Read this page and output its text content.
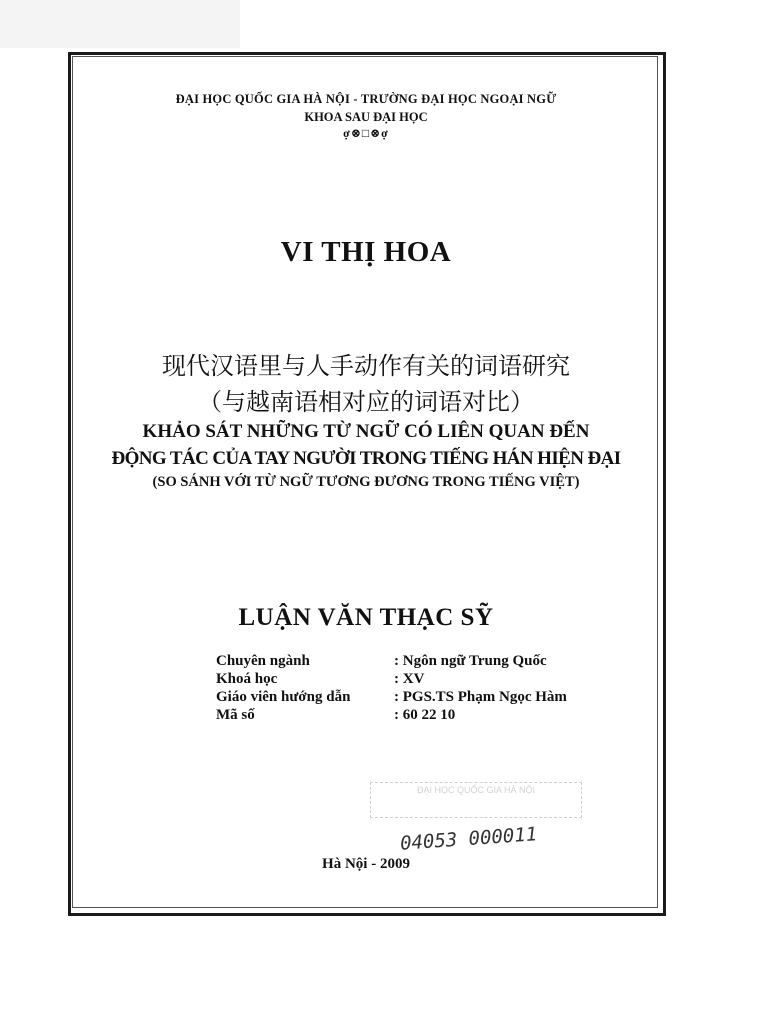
ĐẠI HỌC QUỐC GIA HÀ NỘI - TRƯỜNG ĐẠI HỌC NGOẠI NGỮ
KHOA SAU ĐẠI HỌC
ợ⊗□⊗ợ
VI THỊ HOA
现代汉语里与人手动作有关的词语研究
（与越南语相对应的词语对比）
KHẢO SÁT NHỮNG TỪ NGỮ CÓ LIÊN QUAN ĐẾN
ĐỘNG TÁC CỦA TAY NGƯỜI TRONG TIẾNG HÁN HIỆN ĐẠI
(SO SÁNH VỚI TỪ NGỮ TƯƠNG ĐƯƠNG TRONG TIẾNG VIỆT)
LUẬN VĂN THẠC SỸ
Chuyên ngành	: Ngôn ngữ Trung Quốc
Khoá học	: XV
Giáo viên hướng dẫn	: PGS.TS Phạm Ngọc Hàm
Mã số	: 60 22 10
ĐẠI HỌC QUỐC GIA HÀ NỘI
04053 000011
Hà Nội - 2009
